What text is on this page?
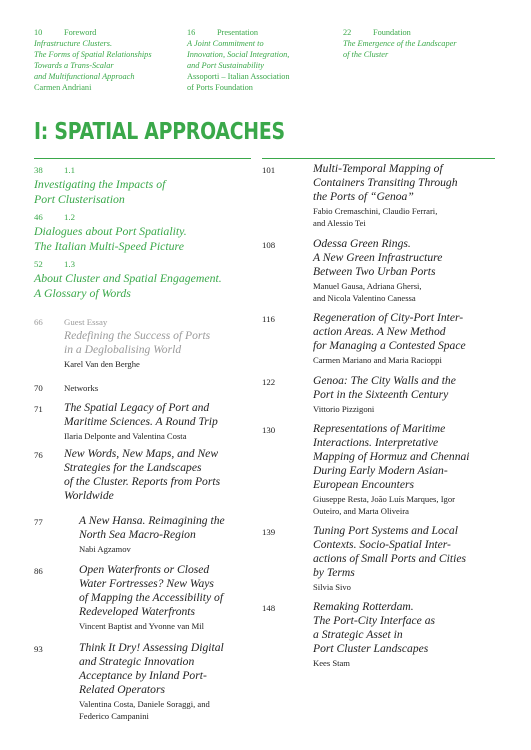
10	Foreword
Infrastructure Clusters.
The Forms of Spatial Relationships
Towards a Trans-Scalar
and Multifunctional Approach
Carmen Andriani
16	Presentation
A Joint Commitment to
Innovation, Social Integration,
and Port Sustainability
Assoporti – Italian Association
of Ports Foundation
22	Foundation
The Emergence of the Landscaper
of the Cluster
I: SPATIAL APPROACHES
38 1.1
Investigating the Impacts of
Port Clusterisation
46 1.2
Dialogues about Port Spatiality.
The Italian Multi-Speed Picture
52 1.3
About Cluster and Spatial Engagement.
A Glossary of Words
66 Guest Essay
Redefining the Success of Ports
in a Deglobalising World
Karel Van den Berghe
70 Networks
71 The Spatial Legacy of Port and
Maritime Sciences. A Round Trip
Ilaria Delponte and Valentina Costa
76 New Words, New Maps, and New
Strategies for the Landscapes
of the Cluster. Reports from Ports
Worldwide
77	A New Hansa. Reimagining the
North Sea Macro-Region
Nabi Agzamov
86	Open Waterfronts or Closed
Water Fortresses? New Ways
of Mapping the Accessibility of
Redeveloped Waterfronts
Vincent Baptist and Yvonne van Mil
93	Think It Dry! Assessing Digital
and Strategic Innovation
Acceptance by Inland Port-
Related Operators
Valentina Costa, Daniele Soraggi, and
Federico Campanini
101	Multi-Temporal Mapping of
Containers Transiting Through
the Ports of “Genoa”
Fabio Cremaschini, Claudio Ferrari,
and Alessio Tei
108	Odessa Green Rings.
A New Green Infrastructure
Between Two Urban Ports
Manuel Gausa, Adriana Ghersi,
and Nicola Valentino Canessa
116	Regeneration of City-Port Inter-
action Areas. A New Method
for Managing a Contested Space
Carmen Mariano and Maria Racioppi
122	Genoa: The City Walls and the
Port in the Sixteenth Century
Vittorio Pizzigoni
130	Representations of Maritime
Interactions. Interpretative
Mapping of Hormuz and Chennai
During Early Modern Asian-
European Encounters
Giuseppe Resta, João Luís Marques, Igor
Outeiro, and Marta Oliveira
139	Tuning Port Systems and Local
Contexts. Socio-Spatial Inter-
actions of Small Ports and Cities
by Terms
Silvia Sivo
148	Remaking Rotterdam.
The Port-City Interface as
a Strategic Asset in
Port Cluster Landscapes
Kees Stam
